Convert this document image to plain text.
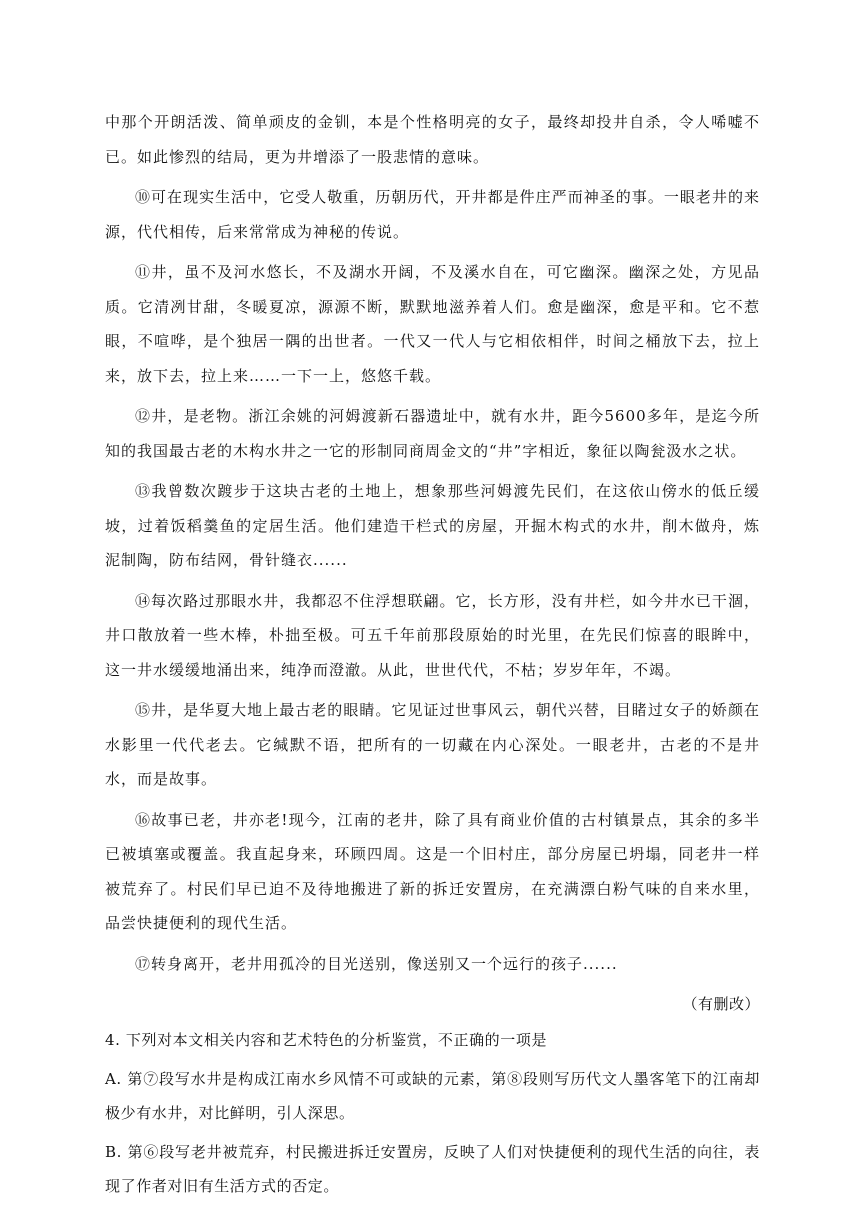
中那个开朗活泼、简单顽皮的金钏，本是个性格明亮的女子，最终却投井自杀，令人唏嘘不已。如此惨烈的结局，更为井增添了一股悲情的意味。

⑩可在现实生活中，它受人敬重，历朝历代，开井都是件庄严而神圣的事。一眼老井的来源，代代相传，后来常常成为神秘的传说。

⑪井，虽不及河水悠长，不及湖水开阔，不及溪水自在，可它幽深。幽深之处，方见品质。它清冽甘甜，冬暖夏凉，源源不断，默默地滋养着人们。愈是幽深，愈是平和。它不惹眼，不喧哗，是个独居一隅的出世者。一代又一代人与它相依相伴，时间之桶放下去，拉上来，放下去，拉上来……一下一上，悠悠千载。

⑫井，是老物。浙江余姚的河姆渡新石器遗址中，就有水井，距今5600多年，是迄今所知的我国最古老的木构水井之一它的形制同商周金文的“井”字相近，象征以陶瓮汲水之状。

⑬我曾数次踱步于这块古老的土地上，想象那些河姆渡先民们，在这依山傍水的低丘缓坡，过着饭稻羹鱼的定居生活。他们建造干栏式的房屋，开掘木构式的水井，削木做舟，炼泥制陶，防布结网，骨针缝衣......

⑭每次路过那眼水井，我都忍不住浮想联翩。它，长方形，没有井栏，如今井水已干涸，井口散放着一些木棒，朴拙至极。可五千年前那段原始的时光里，在先民们惊喜的眼眸中，这一井水缓缓地涌出来，纯净而澄澈。从此，世世代代，不枯；岁岁年年，不竭。

⑮井，是华夏大地上最古老的眼睛。它见证过世事风云，朝代兴替，目睹过女子的娇颜在水影里一代代老去。它缄默不语，把所有的一切藏在内心深处。一眼老井，古老的不是井水，而是故事。

⑯故事已老，井亦老!现今，江南的老井，除了具有商业价值的古村镇景点，其余的多半已被填塞或覆盖。我直起身来，环顾四周。这是一个旧村庄，部分房屋已坍塌，同老井一样被荒弃了。村民们早已迫不及待地搬进了新的拆迁安置房，在充满漂白粉气味的自来水里，品尝快捷便利的现代生活。

⑰转身离开，老井用孤冷的目光送别，像送别又一个远行的孩子......

（有删改）

4. 下列对本文相关内容和艺术特色的分析鉴赏，不正确的一项是

A. 第⑦段写水井是构成江南水乡风情不可或缺的元素，第⑧段则写历代文人墨客笔下的江南却极少有水井，对比鲜明，引人深思。

B. 第⑥段写老井被荒弃，村民搬进拆迁安置房，反映了人们对快捷便利的现代生活的向往，表现了作者对旧有生活方式的否定。
